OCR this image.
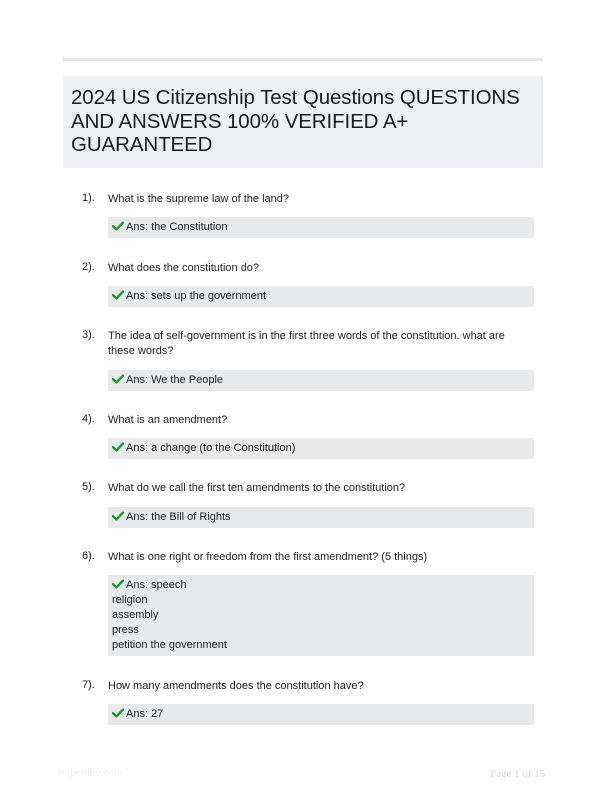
2024 US Citizenship Test Questions QUESTIONS AND ANSWERS 100% VERIFIED A+ GUARANTEED
1). What is the supreme law of the land?
Ans: the Constitution
2). What does the constitution do?
Ans: sets up the government
3). The idea of self-government is in the first three words of the constitution. what are these words?
Ans: We the People
4). What is an amendment?
Ans: a change (to the Constitution)
5). What do we call the first ten amendments to the constitution?
Ans: the Bill of Rights
6). What is one right or freedom from the first amendment? (5 things)
Ans: speech
religion
assembly
press
petition the government
7). How many amendments does the constitution have?
Ans: 27
Papertibo.com	Page 1 of 15
